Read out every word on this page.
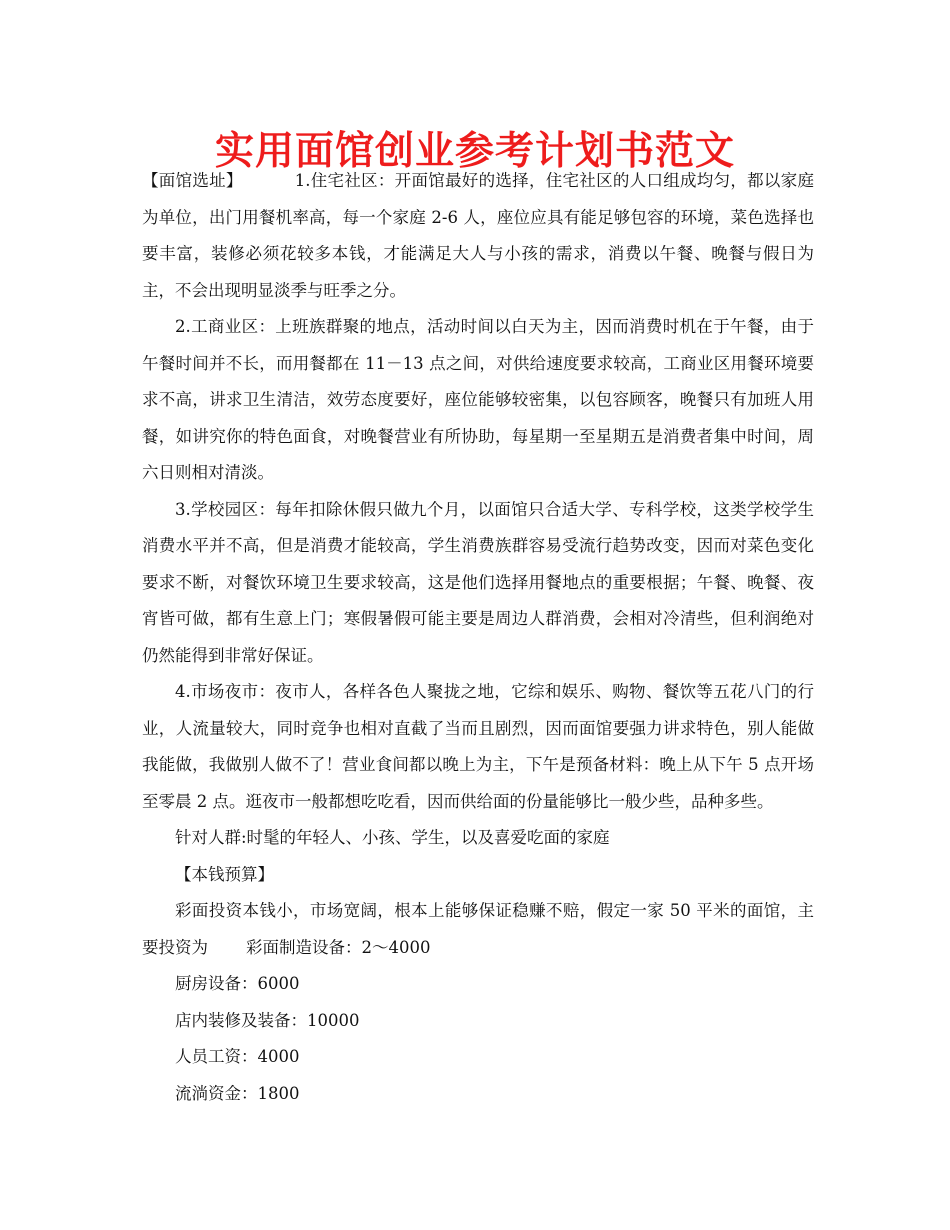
实用面馆创业参考计划书范文

【面馆选址】	1.住宅社区：开面馆最好的选择，住宅社区的人口组成均匀，都以家庭为单位，出门用餐机率高，每一个家庭 2-6 人，座位应具有能足够包容的环境，菜色选择也要丰富，装修必须花较多本钱，才能满足大人与小孩的需求，消费以午餐、晚餐与假日为主，不会出现明显淡季与旺季之分。

2.工商业区：上班族群聚的地点，活动时间以白天为主，因而消费时机在于午餐，由于午餐时间并不长，而用餐都在 11－13 点之间，对供给速度要求较高，工商业区用餐环境要求不高，讲求卫生清洁，效劳态度要好，座位能够较密集，以包容顾客，晚餐只有加班人用餐，如讲究你的特色面食，对晚餐营业有所协助，每星期一至星期五是消费者集中时间，周六日则相对清淡。

3.学校园区：每年扣除休假只做九个月，以面馆只合适大学、专科学校，这类学校学生消费水平并不高，但是消费才能较高，学生消费族群容易受流行趋势改变，因而对菜色变化要求不断，对餐饮环境卫生要求较高，这是他们选择用餐地点的重要根据；午餐、晚餐、夜宵皆可做，都有生意上门；寒假暑假可能主要是周边人群消费，会相对冷清些，但利润绝对仍然能得到非常好保证。

4.市场夜市：夜市人，各样各色人聚拢之地，它综和娱乐、购物、餐饮等五花八门的行业，人流量较大，同时竞争也相对直截了当而且剧烈，因而面馆要强力讲求特色，别人能做我能做，我做别人做不了！营业食间都以晚上为主，下午是预备材料：晚上从下午 5 点开场至零晨 2 点。逛夜市一般都想吃吃看，因而供给面的份量能够比一般少些，品种多些。

针对人群:时髦的年轻人、小孩、学生，以及喜爱吃面的家庭

【本钱预算】

彩面投资本钱小，市场宽阔，根本上能够保证稳赚不赔，假定一家 50 平米的面馆，主要投资为 彩面制造设备：2～4000

厨房设备：6000

店内装修及装备：10000

人员工资：4000

流淌资金：1800
